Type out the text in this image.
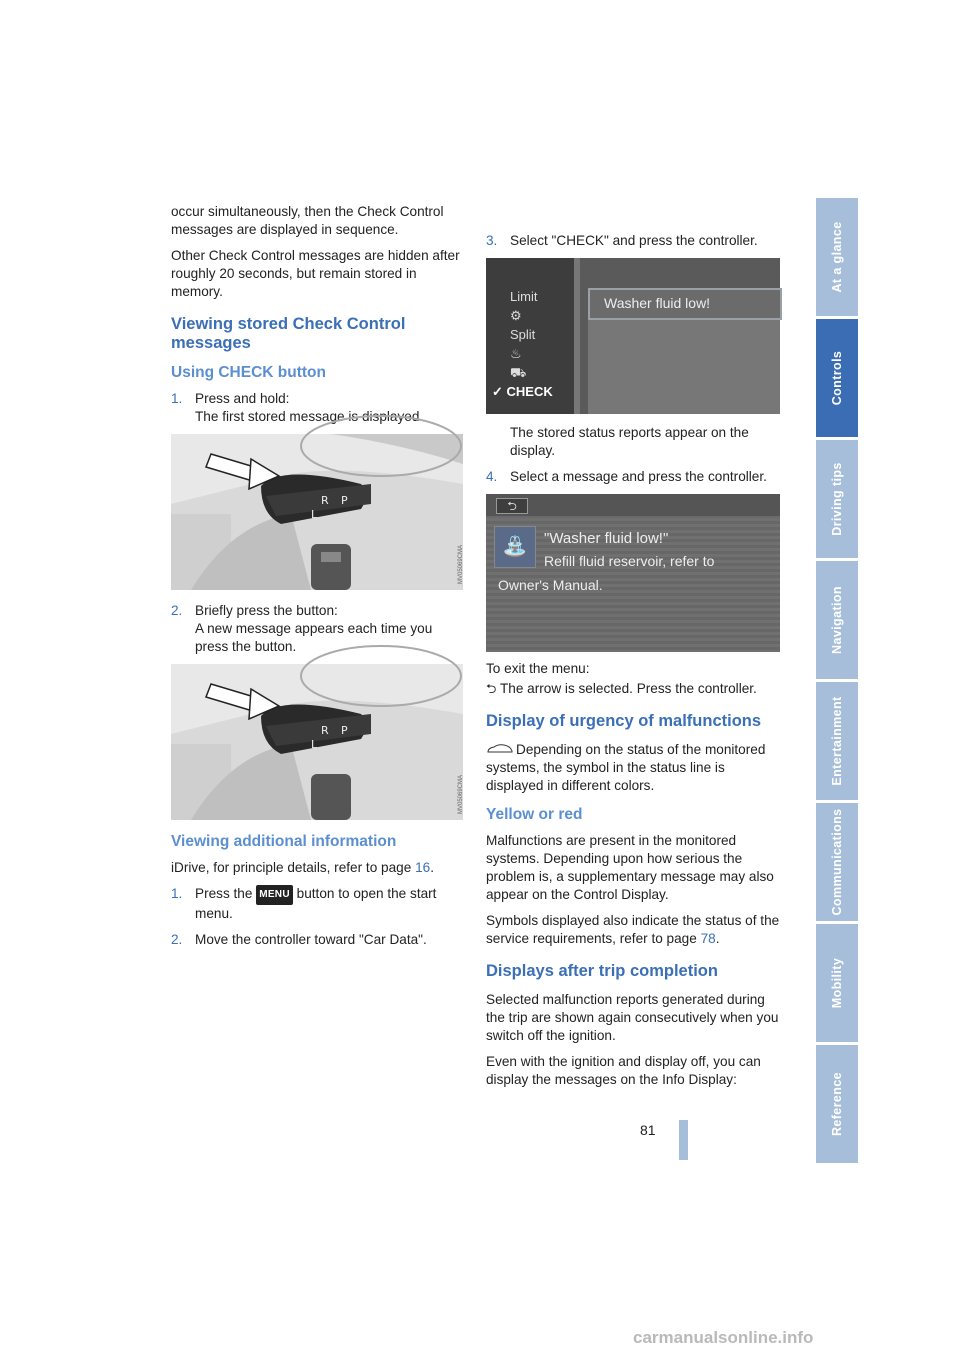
occur simultaneously, then the Check Control messages are displayed in sequence.

Other Check Control messages are hidden after roughly 20 seconds, but remain stored in memory.

Viewing stored Check Control messages
Using CHECK button
1. Press and hold:
The first stored message is displayed.
R P
L
MV05069CMA
2. Briefly press the button:
A new message appears each time you press the button.
R P
L
MV05069CMA
Viewing additional information

iDrive, for principle details, refer to page 16.

1. Press the MENU button to open the start menu.
2. Move the controller toward "Car Data".
3. Select "CHECK" and press the controller.
Limit
⚙
Split
♨
⛟
✓ CHECK
Washer fluid low!

The stored status reports appear on the display.

4. Select a message and press the controller.
⮌
⛲	"Washer fluid low!"
Refill fluid reservoir, refer to
Owner's Manual.

To exit the menu:

⮌ The arrow is selected. Press the controller.

Display of urgency of malfunctions

Depending on the status of the monitored systems, the symbol in the status line is displayed in different colors.

Yellow or red

Malfunctions are present in the monitored systems. Depending upon how serious the problem is, a supplementary message may also appear on the Control Display.

Symbols displayed also indicate the status of the service requirements, refer to page 78.

Displays after trip completion

Selected malfunction reports generated during the trip are shown again consecutively when you switch off the ignition.

Even with the ignition and display off, you can display the messages on the Info Display:

At a glance
Controls
Driving tips
Navigation
Entertainment
Communications
Mobility
Reference
81
carmanualsonline.info
